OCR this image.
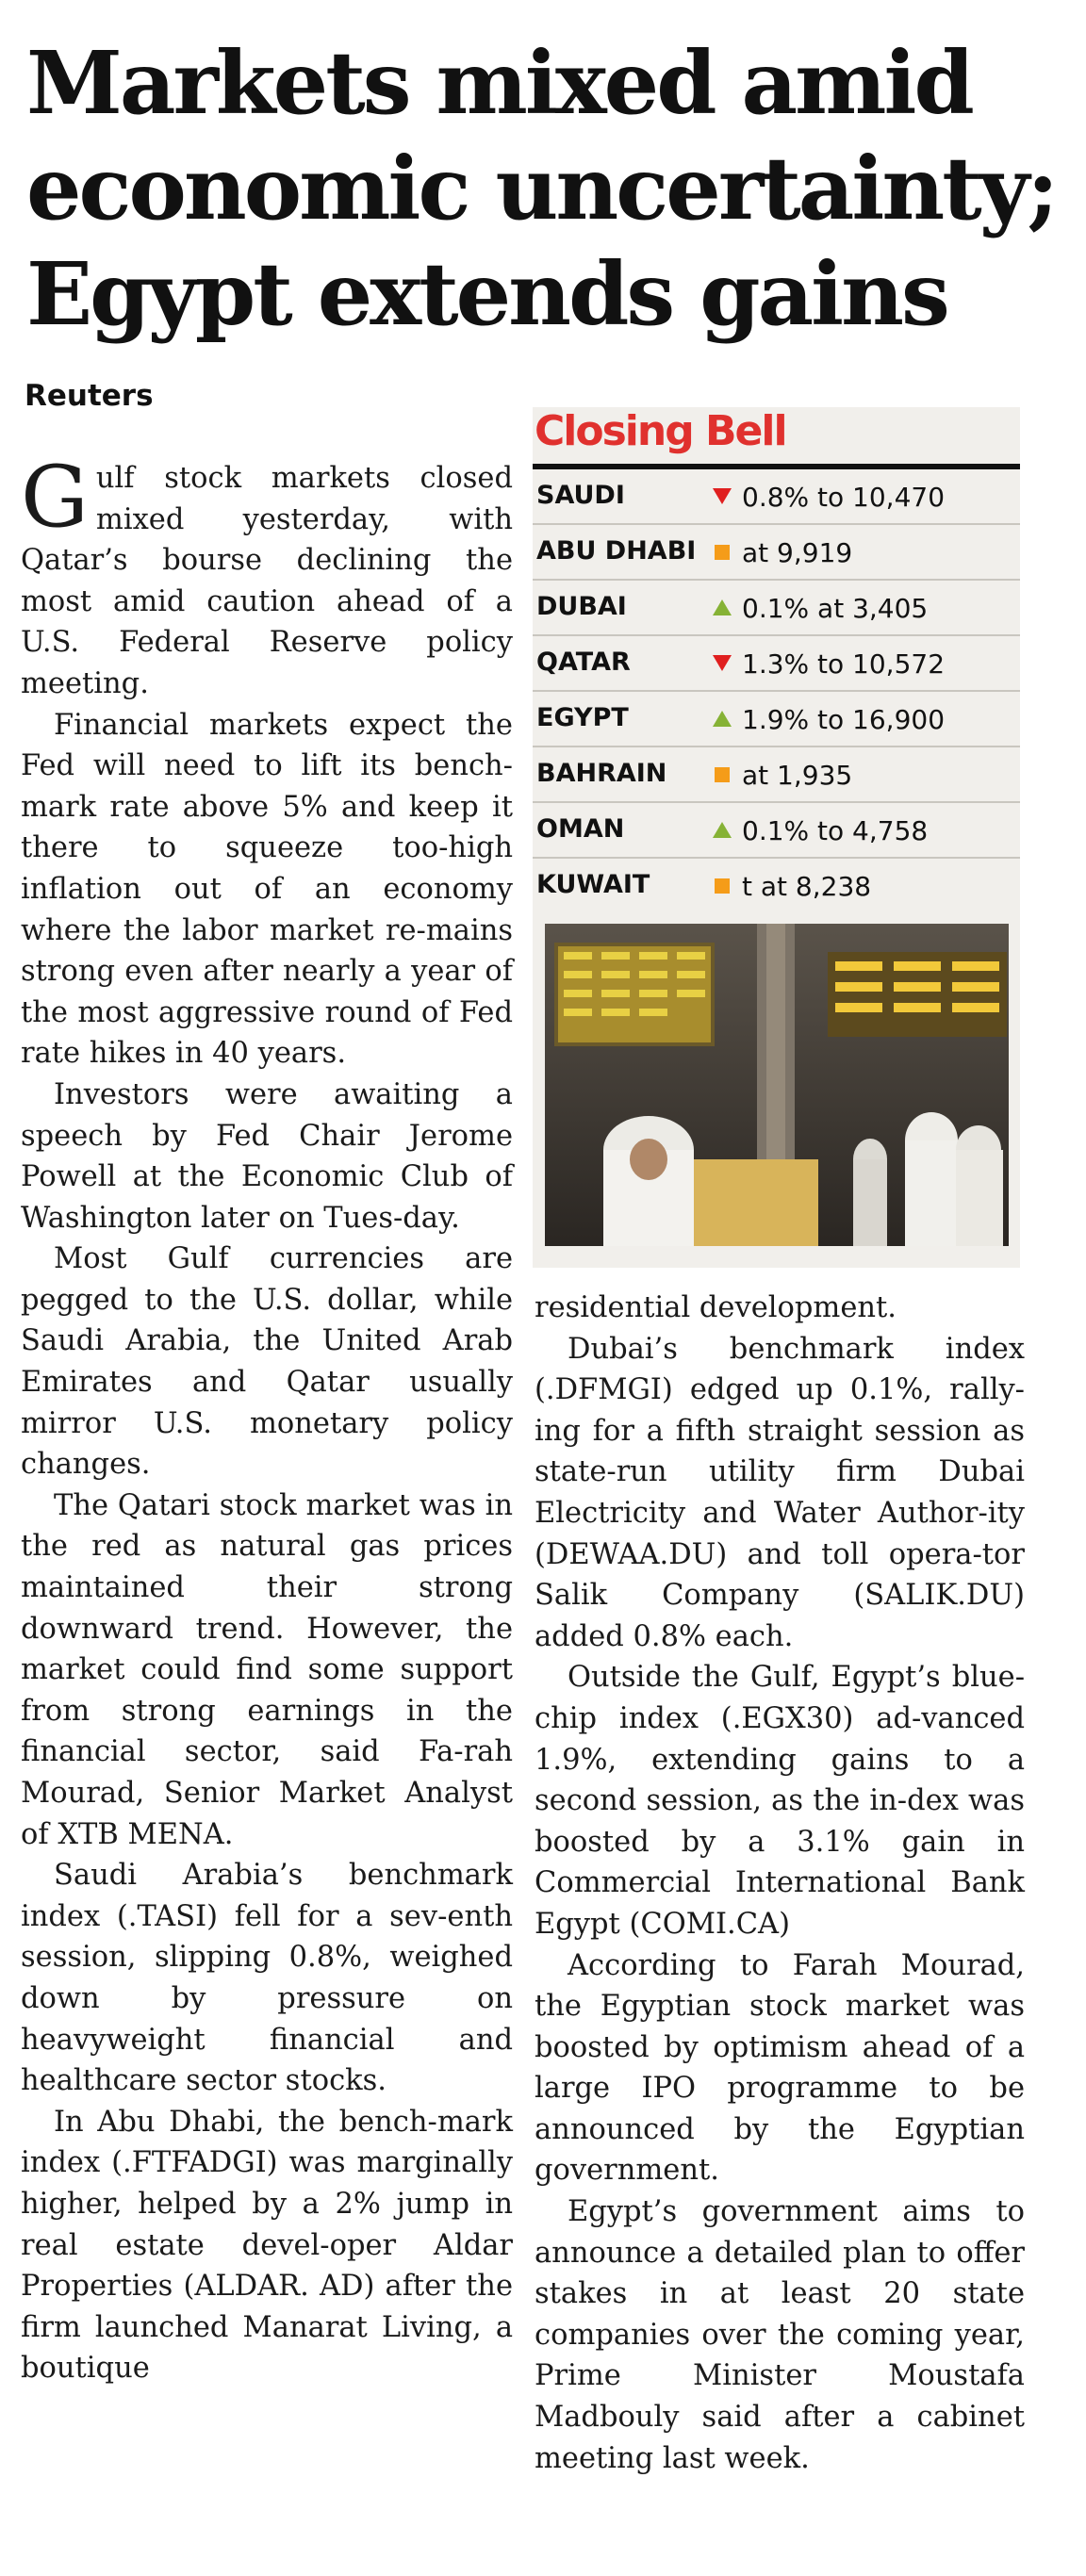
Markets mixed amid
economic uncertainty;
Egypt extends gains
Reuters

Gulf stock markets closed mixed yesterday, with Qatar’s bourse declining the most amid caution ahead of a U.S. Federal Reserve policy meeting.

Financial markets expect the Fed will need to lift its bench-mark rate above 5% and keep it there to squeeze too-high inflation out of an economy where the labor market re-mains strong even after nearly a year of the most aggressive round of Fed rate hikes in 40 years.

Investors were awaiting a speech by Fed Chair Jerome Powell at the Economic Club of Washington later on Tues-day.

Most Gulf currencies are pegged to the U.S. dollar, while Saudi Arabia, the United Arab Emirates and Qatar usually mirror U.S. monetary policy changes.

The Qatari stock market was in the red as natural gas prices maintained their strong downward trend. However, the market could find some support from strong earnings in the financial sector, said Fa-rah Mourad, Senior Market Analyst of XTB MENA.

Saudi Arabia’s benchmark index (.TASI) fell for a sev-enth session, slipping 0.8%, weighed down by pressure on heavyweight financial and healthcare sector stocks.

In Abu Dhabi, the bench-mark index (.FTFADGI) was marginally higher, helped by a 2% jump in real estate devel-oper Aldar Properties (ALDAR. AD) after the firm launched Manarat Living, a boutique

Closing Bell
SAUDI	0.8% to 10,470
ABU DHABI at 9,919
DUBAI	0.1% at 3,405
QATAR	1.3% to 10,572
EGYPT	1.9% to 16,900
BAHRAIN	at 1,935
OMAN	0.1% to 4,758
KUWAIT	t at 8,238

residential development.

Dubai’s benchmark index (.DFMGI) edged up 0.1%, rally-ing for a fifth straight session as state-run utility firm Dubai Electricity and Water Author-ity (DEWAA.DU) and toll opera-tor Salik Company (SALIK.DU) added 0.8% each.

Outside the Gulf, Egypt’s blue-chip index (.EGX30) ad-vanced 1.9%, extending gains to a second session, as the in-dex was boosted by a 3.1% gain in Commercial International Bank Egypt (COMI.CA)

According to Farah Mourad, the Egyptian stock market was boosted by optimism ahead of a large IPO programme to be announced by the Egyptian government.

Egypt’s government aims to announce a detailed plan to offer stakes in at least 20 state companies over the coming year, Prime Minister Moustafa Madbouly said after a cabinet meeting last week.
